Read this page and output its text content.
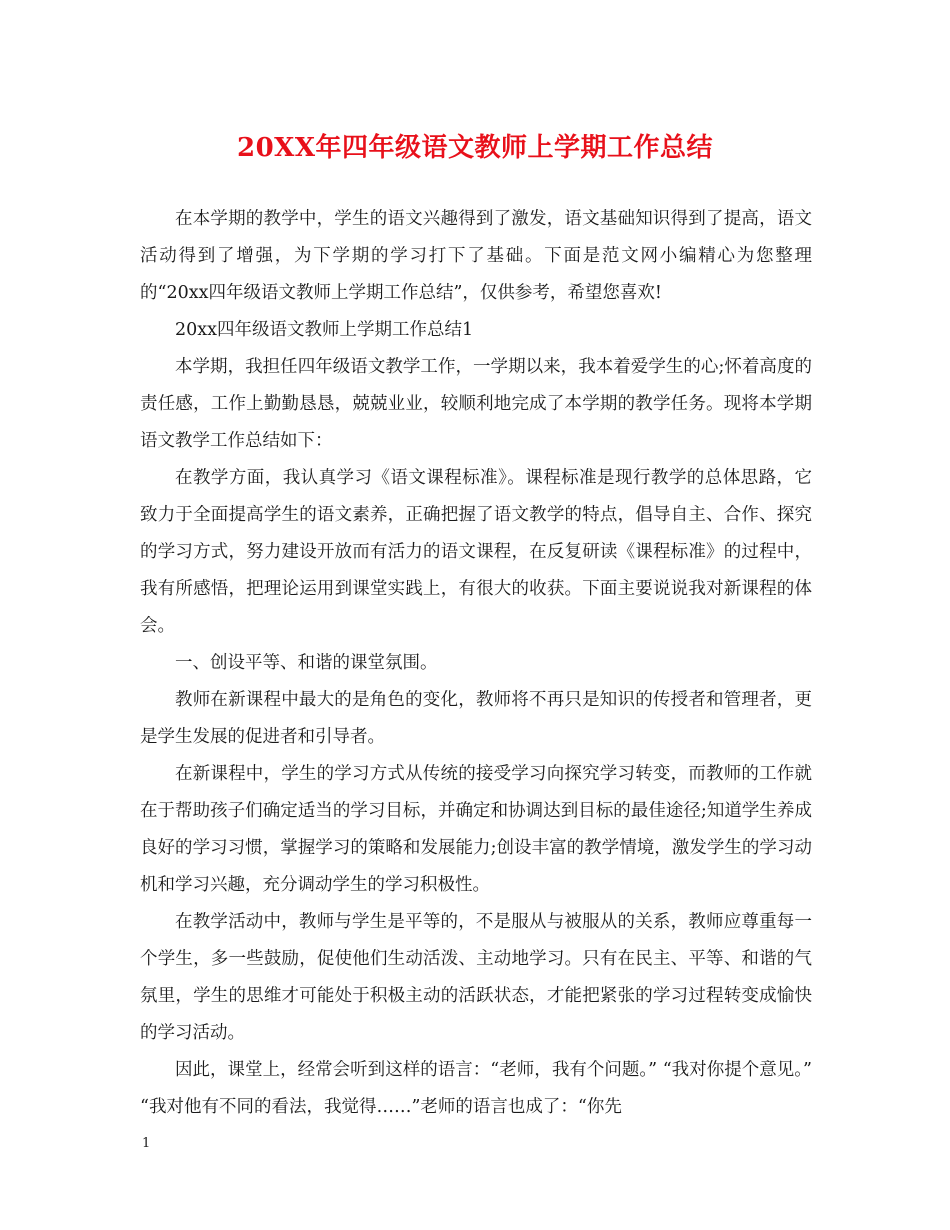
20XX年四年级语文教师上学期工作总结

在本学期的教学中，学生的语文兴趣得到了激发，语文基础知识得到了提高，语文活动得到了增强，为下学期的学习打下了基础。下面是范文网小编精心为您整理的“20xx四年级语文教师上学期工作总结”，仅供参考，希望您喜欢!

20xx四年级语文教师上学期工作总结1

本学期，我担任四年级语文教学工作，一学期以来，我本着爱学生的心;怀着高度的责任感，工作上勤勤恳恳，兢兢业业，较顺利地完成了本学期的教学任务。现将本学期语文教学工作总结如下：

在教学方面，我认真学习《语文课程标准》。课程标准是现行教学的总体思路，它致力于全面提高学生的语文素养，正确把握了语文教学的特点，倡导自主、合作、探究的学习方式，努力建设开放而有活力的语文课程，在反复研读《课程标准》的过程中，我有所感悟，把理论运用到课堂实践上，有很大的收获。下面主要说说我对新课程的体会。

一、创设平等、和谐的课堂氛围。

教师在新课程中最大的是角色的变化，教师将不再只是知识的传授者和管理者，更是学生发展的促进者和引导者。

在新课程中，学生的学习方式从传统的接受学习向探究学习转变，而教师的工作就在于帮助孩子们确定适当的学习目标，并确定和协调达到目标的最佳途径;知道学生养成良好的学习习惯，掌握学习的策略和发展能力;创设丰富的教学情境，激发学生的学习动机和学习兴趣，充分调动学生的学习积极性。

在教学活动中，教师与学生是平等的，不是服从与被服从的关系，教师应尊重每一个学生，多一些鼓励，促使他们生动活泼、主动地学习。只有在民主、平等、和谐的气氛里，学生的思维才可能处于积极主动的活跃状态，才能把紧张的学习过程转变成愉快的学习活动。

因此，课堂上，经常会听到这样的语言：“老师，我有个问题。” “我对你提个意见。” “我对他有不同的看法，我觉得……”老师的语言也成了：“你先

1
